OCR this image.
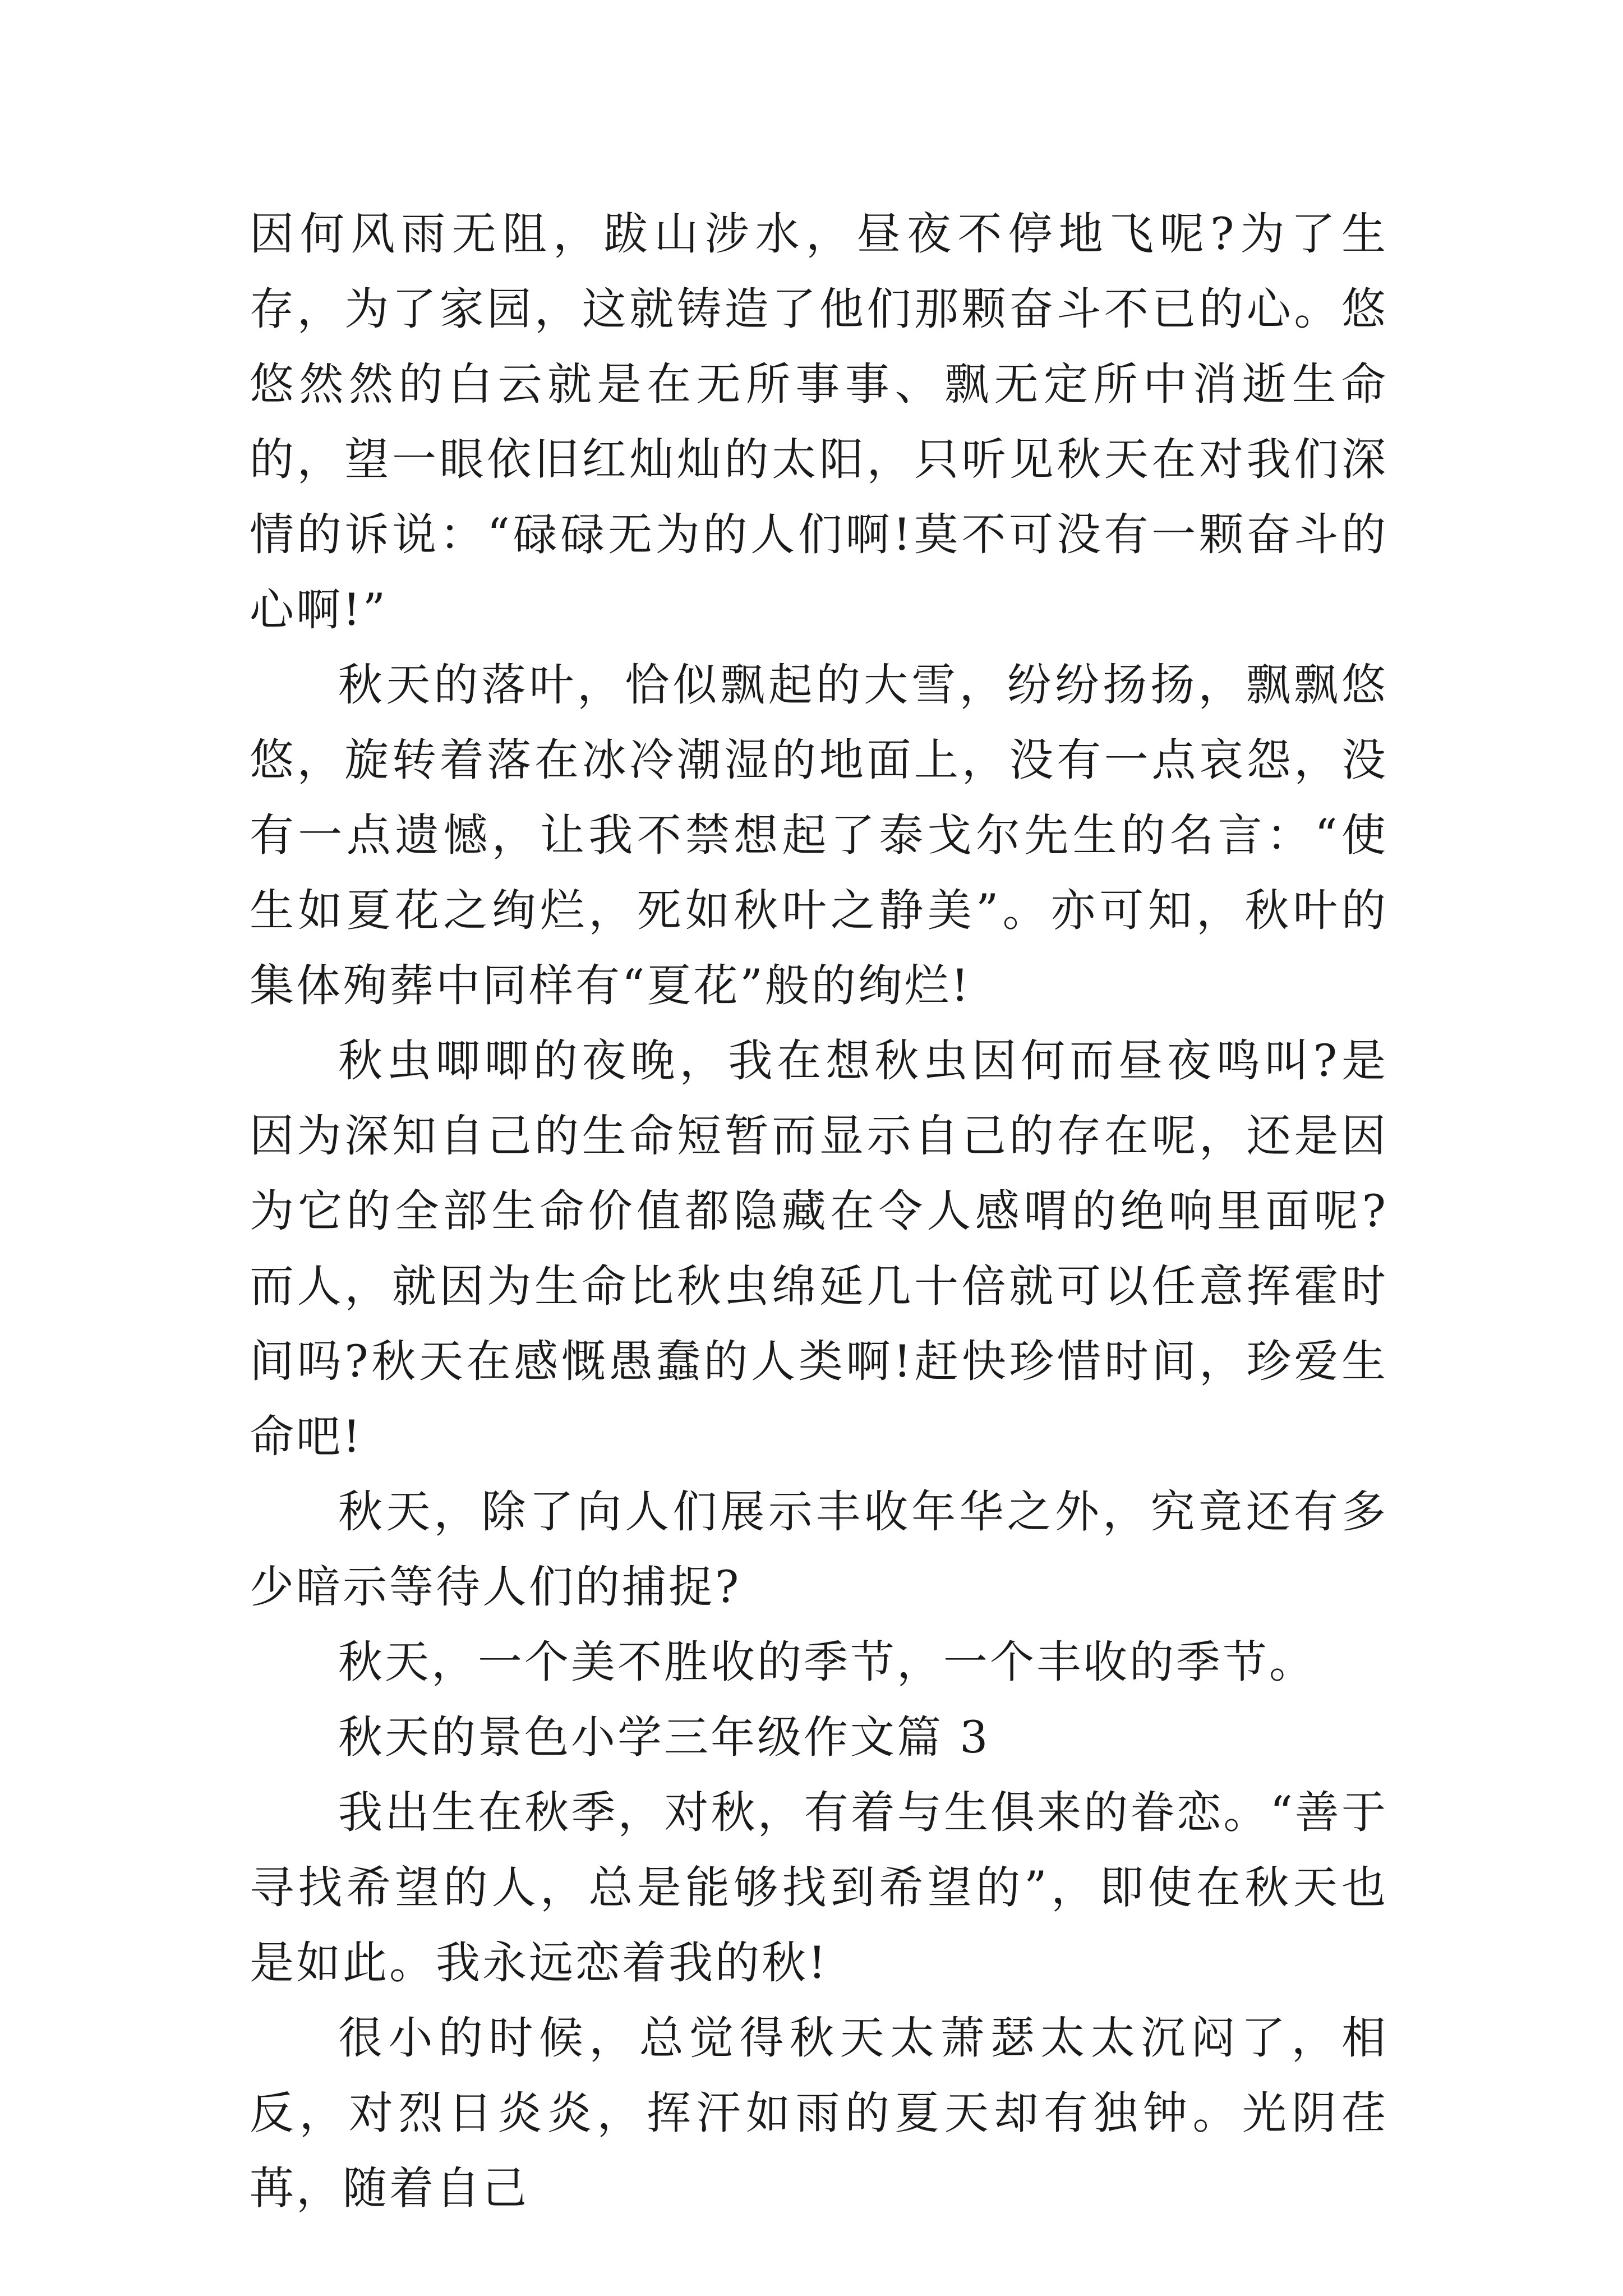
因何风雨无阻，跋山涉水，昼夜不停地飞呢?为了生存，为了家园，这就铸造了他们那颗奋斗不已的心。悠悠然然的白云就是在无所事事、飘无定所中消逝生命的，望一眼依旧红灿灿的太阳，只听见秋天在对我们深情的诉说：“碌碌无为的人们啊!莫不可没有一颗奋斗的心啊!”

秋天的落叶，恰似飘起的大雪，纷纷扬扬，飘飘悠悠，旋转着落在冰冷潮湿的地面上，没有一点哀怨，没有一点遗憾，让我不禁想起了泰戈尔先生的名言：“使生如夏花之绚烂，死如秋叶之静美”。亦可知，秋叶的集体殉葬中同样有“夏花”般的绚烂!

秋虫唧唧的夜晚，我在想秋虫因何而昼夜鸣叫?是因为深知自己的生命短暂而显示自己的存在呢，还是因为它的全部生命价值都隐藏在令人感喟的绝响里面呢?而人，就因为生命比秋虫绵延几十倍就可以任意挥霍时间吗?秋天在感慨愚蠢的人类啊!赶快珍惜时间，珍爱生命吧!

秋天，除了向人们展示丰收年华之外，究竟还有多少暗示等待人们的捕捉?

秋天，一个美不胜收的季节，一个丰收的季节。

秋天的景色小学三年级作文篇 3

我出生在秋季，对秋，有着与生俱来的眷恋。“善于寻找希望的人，总是能够找到希望的”，即使在秋天也是如此。我永远恋着我的秋!

很小的时候，总觉得秋天太萧瑟太太沉闷了，相反，对烈日炎炎，挥汗如雨的夏天却有独钟。光阴荏苒，随着自己
